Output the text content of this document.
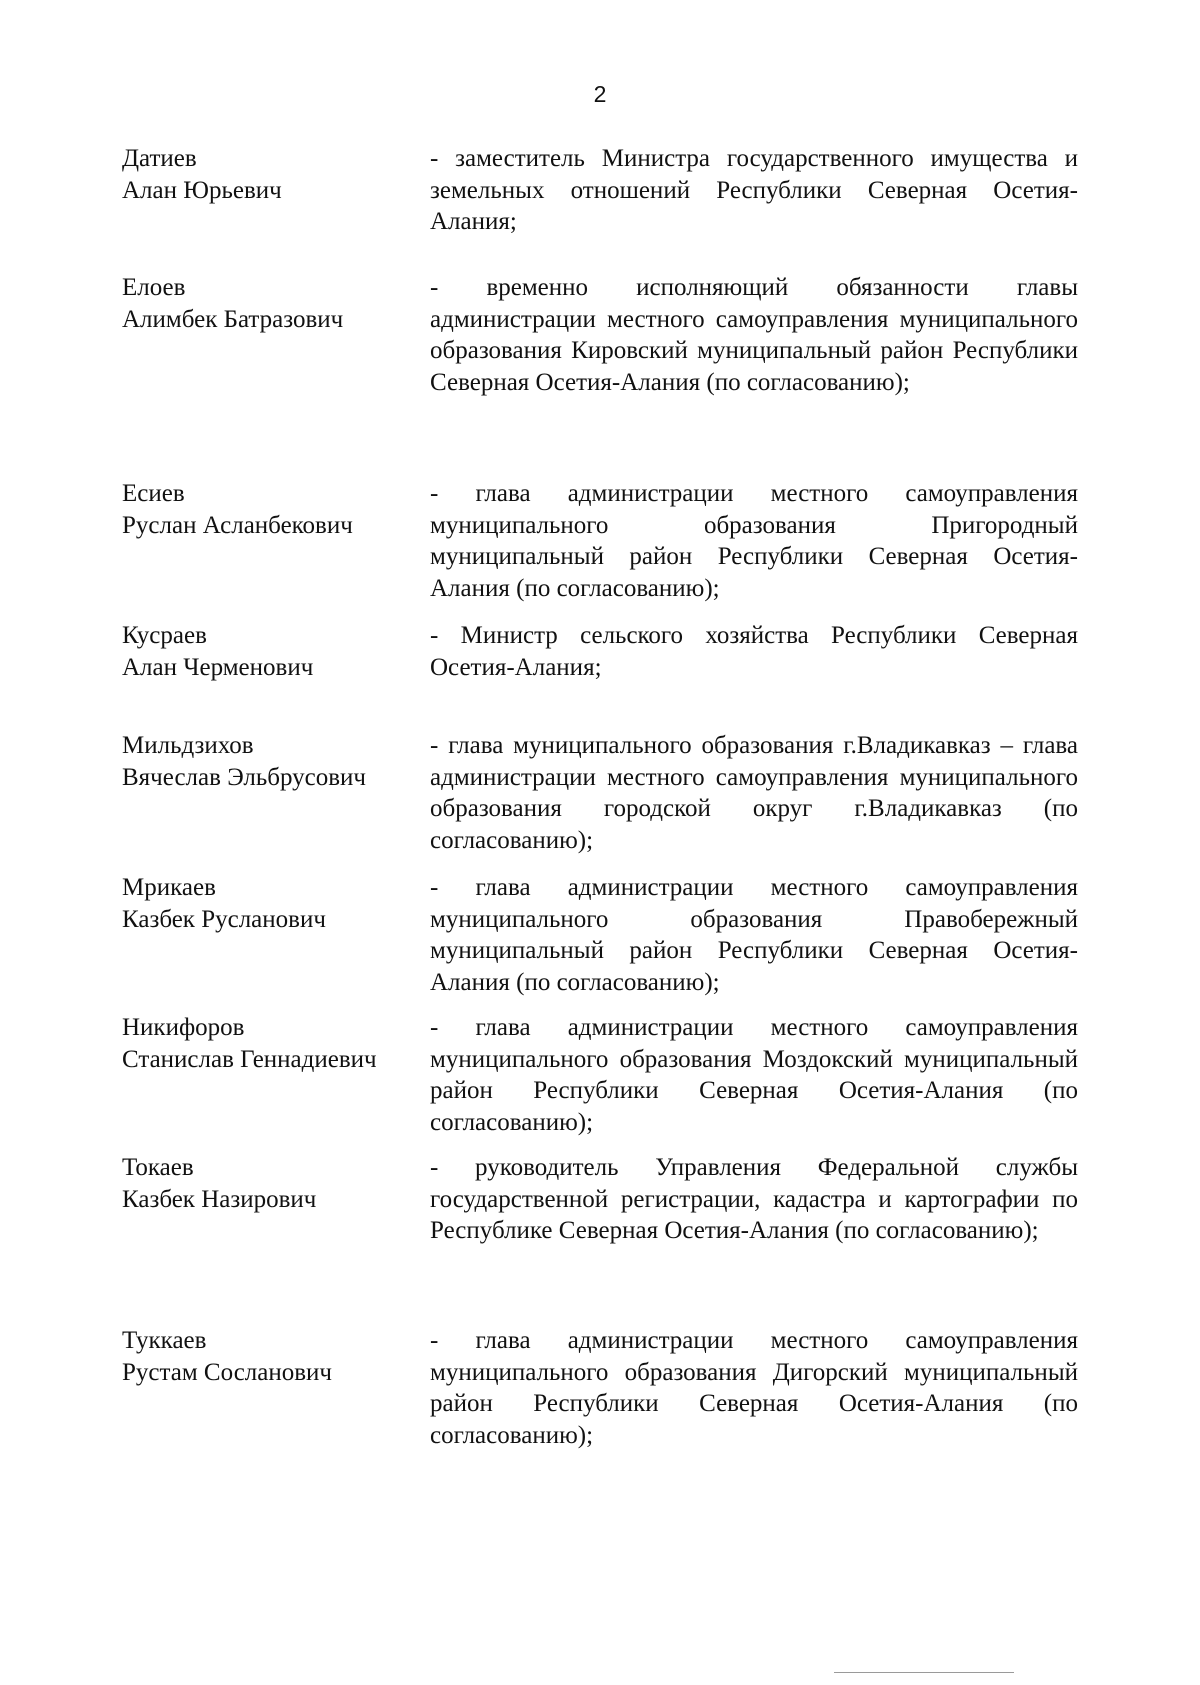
2
Датиев
Алан Юрьевич

- заместитель Министра государственного имущества и земельных отношений Республики Северная Осетия-Алания;

Елоев
Алимбек Батразович

- временно исполняющий обязанности главы администрации местного самоуправления муниципального образования Кировский муниципальный район Республики Северная Осетия-Алания (по согласованию);

Есиев
Руслан Асланбекович

- глава администрации местного самоуправления муниципального образования Пригородный муниципальный район Республики Северная Осетия-Алания (по согласованию);

Кусраев
Алан Черменович

- Министр сельского хозяйства Республики Северная Осетия-Алания;

Мильдзихов
Вячеслав Эльбрусович

- глава муниципального образования г.Владикавказ – глава администрации местного самоуправления муниципального образования городской округ г.Владикавказ (по согласованию);

Мрикаев
Казбек Русланович

- глава администрации местного самоуправления муниципального образования Правобережный муниципальный район Республики Северная Осетия-Алания (по согласованию);

Никифоров
Станислав Геннадиевич

- глава администрации местного самоуправления муниципального образования Моздокский муниципальный район Республики Северная Осетия-Алания (по согласованию);

Токаев
Казбек Назирович

- руководитель Управления Федеральной службы государственной регистрации, кадастра и картографии по Республике Северная Осетия-Алания (по согласованию);

Туккаев
Рустам Сосланович

- глава администрации местного самоуправления муниципального образования Дигорский муниципальный район Республики Северная Осетия-Алания (по согласованию);
